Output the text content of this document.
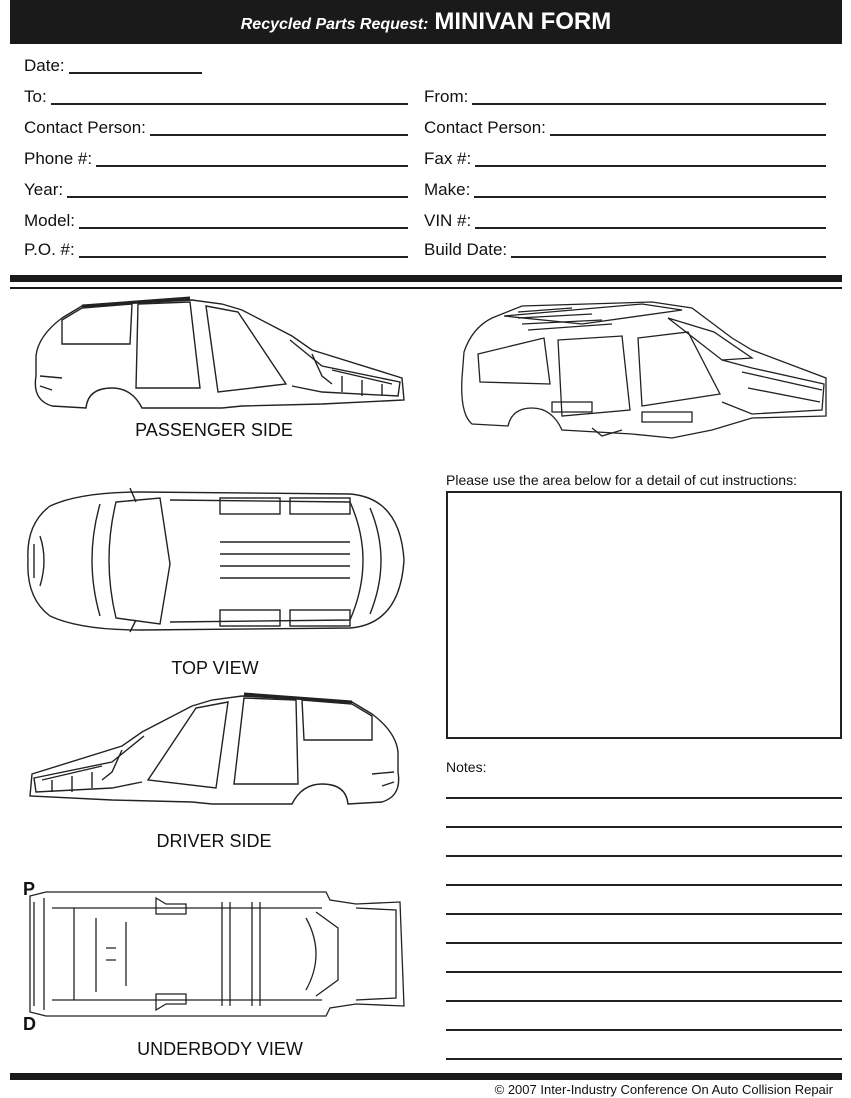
Recycled Parts Request: MINIVAN FORM
Date:
To:	From:
Contact Person:	Contact Person:
Phone #:	Fax #:
Year:	Make:
Model:	VIN #:
P.O. #:	Build Date:
PASSENGER SIDE
TOP VIEW
DRIVER SIDE
P
D
UNDERBODY VIEW
Please use the area below for a detail of cut instructions:
Notes:
© 2007 Inter-Industry Conference On Auto Collision Repair
